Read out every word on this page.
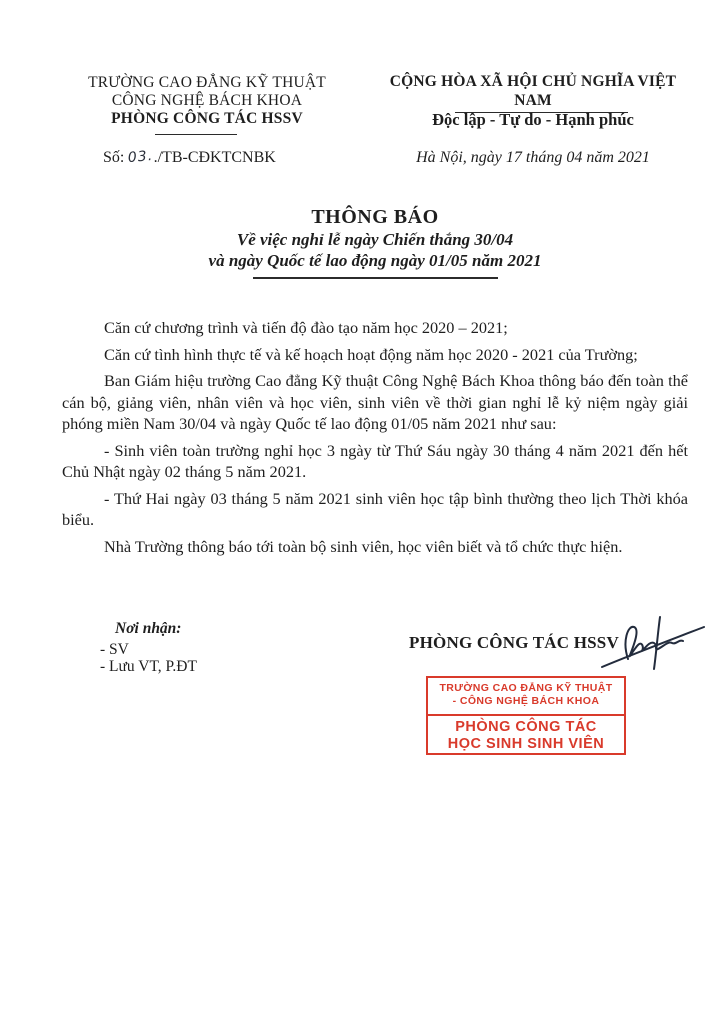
TRƯỜNG CAO ĐẲNG KỸ THUẬT
CÔNG NGHỆ BÁCH KHOA
PHÒNG CÔNG TÁC HSSV
Số: 03../TB-CĐKTCNBK
CỘNG HÒA XÃ HỘI CHỦ NGHĨA VIỆT NAM
Độc lập - Tự do - Hạnh phúc
Hà Nội, ngày 17 tháng 04 năm 2021
THÔNG BÁO
Về việc nghỉ lễ ngày Chiến thắng 30/04
và ngày Quốc tế lao động ngày 01/05 năm 2021

Căn cứ chương trình và tiến độ đào tạo năm học 2020 – 2021;

Căn cứ tình hình thực tế và kế hoạch hoạt động năm học 2020 - 2021 của Trường;

Ban Giám hiệu trường Cao đẳng Kỹ thuật Công Nghệ Bách Khoa thông báo đến toàn thể cán bộ, giảng viên, nhân viên và học viên, sinh viên về thời gian nghỉ lễ kỷ niệm ngày giải phóng miền Nam 30/04 và ngày Quốc tế lao động 01/05 năm 2021 như sau:

- Sinh viên toàn trường nghỉ học 3 ngày từ Thứ Sáu ngày 30 tháng 4 năm 2021 đến hết Chủ Nhật ngày 02 tháng 5 năm 2021.

- Thứ Hai ngày 03 tháng 5 năm 2021 sinh viên học tập bình thường theo lịch Thời khóa biểu.

Nhà Trường thông báo tới toàn bộ sinh viên, học viên biết và tổ chức thực hiện.

Nơi nhận:
- SV
- Lưu VT, P.ĐT
PHÒNG CÔNG TÁC HSSV
TRƯỜNG CAO ĐẲNG KỸ THUẬT
- CÔNG NGHỆ BÁCH KHOA
PHÒNG CÔNG TÁC
HỌC SINH SINH VIÊN
